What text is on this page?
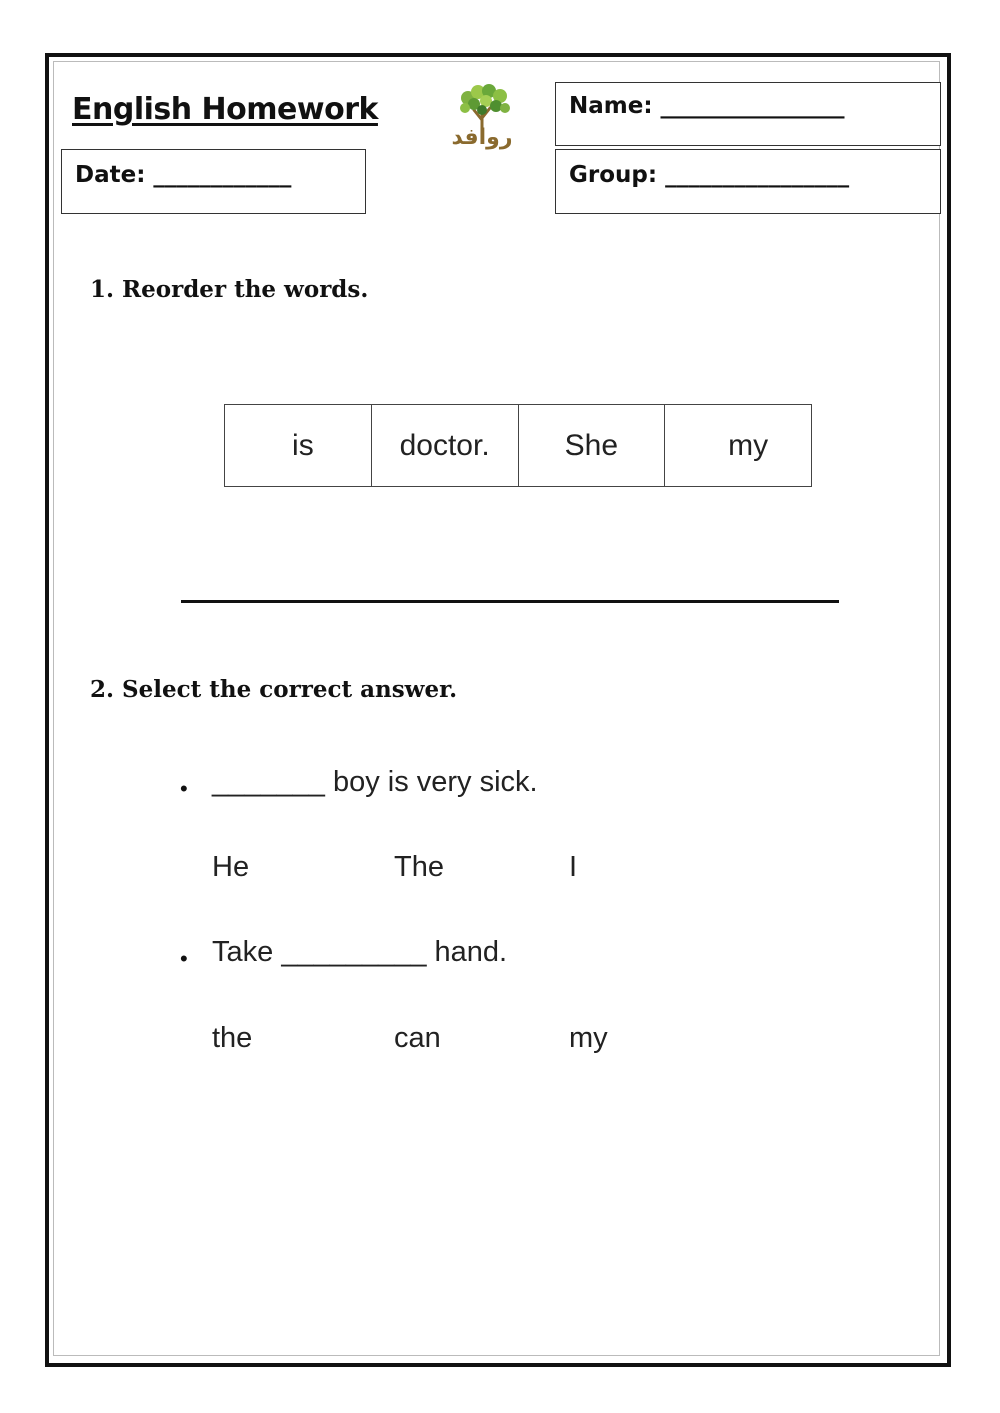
English Homework
Date: ____________
Name: ________________
Group: ________________
روافد
1. Reorder the words.
is	doctor.	She	my
2. Select the correct answer.
• _______ boy is very sick.
He	The	I
• Take _________ hand.
the	can	my
